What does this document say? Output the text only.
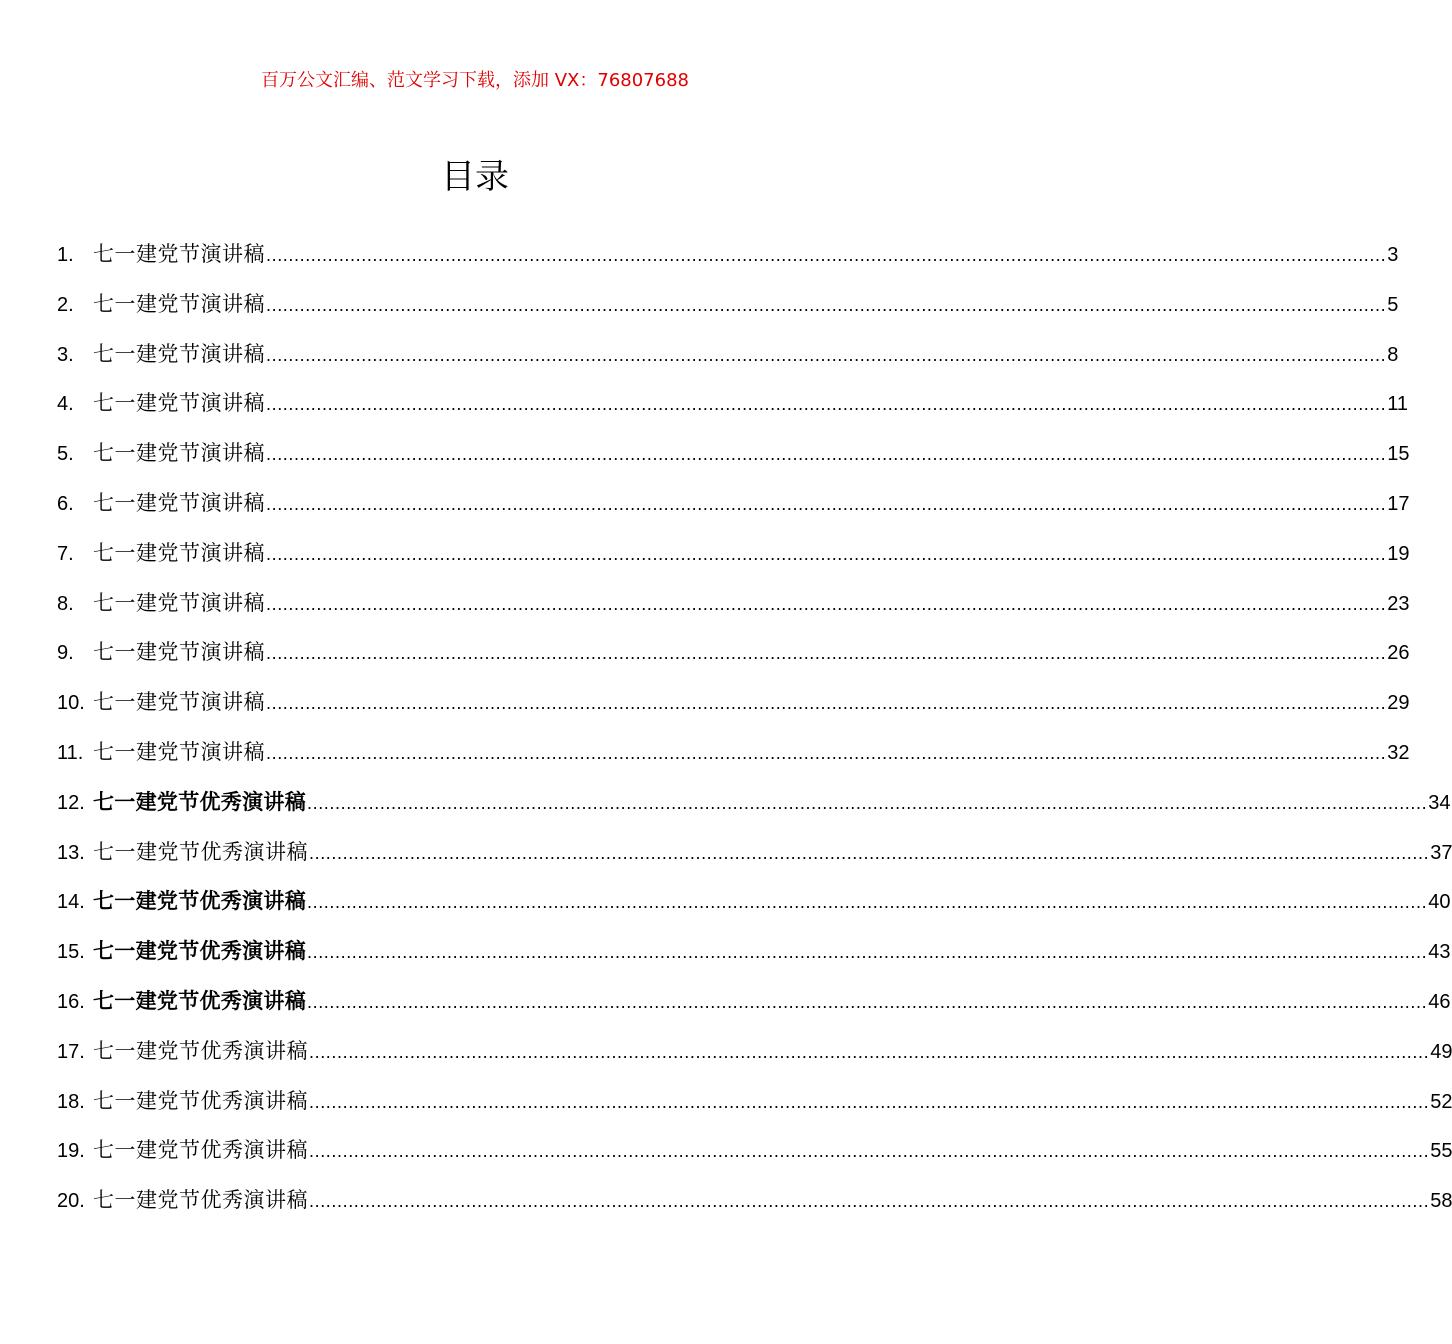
百万公文汇编、范文学习下载，添加 VX：76807688
目录
1. 七一建党节演讲稿 ........................................................................................................................................................................................................ 3
2. 七一建党节演讲稿 ........................................................................................................................................................................................................ 5
3. 七一建党节演讲稿 ........................................................................................................................................................................................................ 8
4. 七一建党节演讲稿 ........................................................................................................................................................................................................ 11
5. 七一建党节演讲稿 ........................................................................................................................................................................................................ 15
6. 七一建党节演讲稿 ........................................................................................................................................................................................................ 17
7. 七一建党节演讲稿 ........................................................................................................................................................................................................ 19
8. 七一建党节演讲稿 ........................................................................................................................................................................................................ 23
9. 七一建党节演讲稿 ........................................................................................................................................................................................................ 26
10. 七一建党节演讲稿 ........................................................................................................................................................................................................ 29
11. 七一建党节演讲稿 ........................................................................................................................................................................................................ 32
12. 七一建党节优秀演讲稿 ........................................................................................................................................................................................................ 34
13. 七一建党节优秀演讲稿 ........................................................................................................................................................................................................ 37
14. 七一建党节优秀演讲稿 ........................................................................................................................................................................................................ 40
15. 七一建党节优秀演讲稿 ........................................................................................................................................................................................................ 43
16. 七一建党节优秀演讲稿 ........................................................................................................................................................................................................ 46
17. 七一建党节优秀演讲稿 ........................................................................................................................................................................................................ 49
18. 七一建党节优秀演讲稿 ........................................................................................................................................................................................................ 52
19. 七一建党节优秀演讲稿 ........................................................................................................................................................................................................ 55
20. 七一建党节优秀演讲稿 ........................................................................................................................................................................................................ 58
